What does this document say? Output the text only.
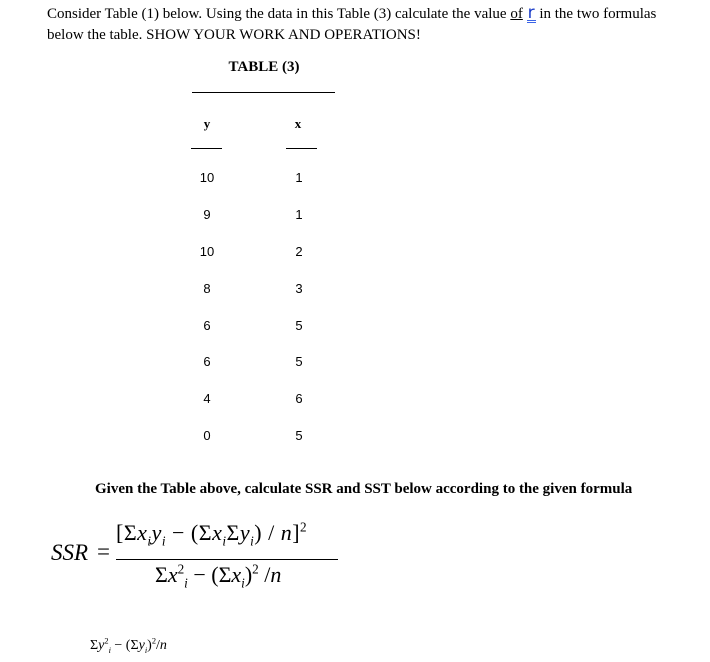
Consider Table (1) below. Using the data in this Table (3) calculate the value of r in the two formulas below the table. SHOW YOUR WORK AND OPERATIONS!
TABLE (3)
y	x
10	1
9	1
10	2
8	3
6	5
6	5
4	6
0	5
Given the Table above, calculate SSR and SST below according to the given formula
SSR =
$[\Sigma x_iy_i - (\Sigma x_i\Sigma y_i) / n]^2$
$\Sigma x^2_i - (\Sigma x_i)^2$ /n
$\Sigma y^2_i - (\Sigma y_i)^2/n$
